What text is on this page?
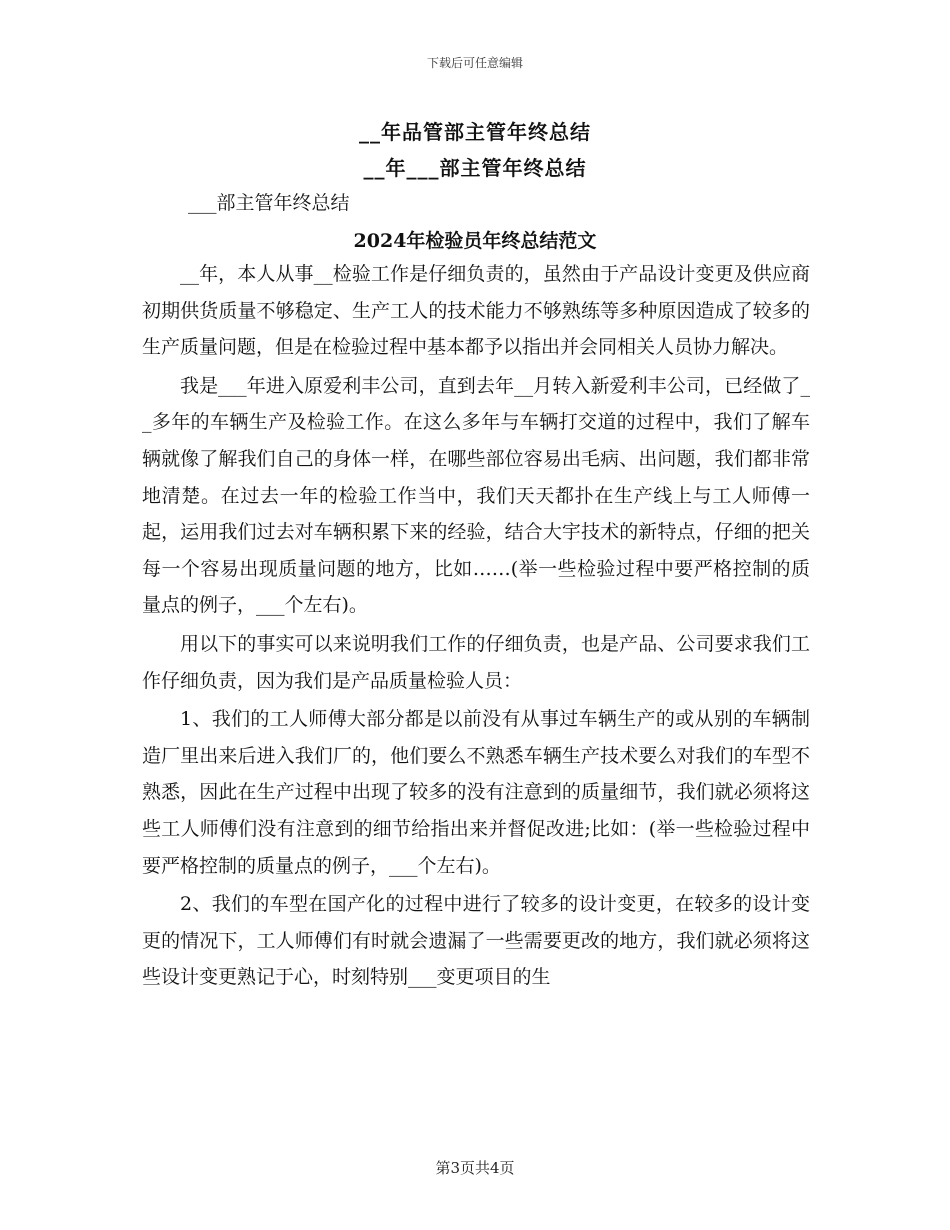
下载后可任意编辑
__年品管部主管年终总结
__年___部主管年终总结
___部主管年终总结
2024年检验员年终总结范文

__年，本人从事__检验工作是仔细负责的，虽然由于产品设计变更及供应商初期供货质量不够稳定、生产工人的技术能力不够熟练等多种原因造成了较多的生产质量问题，但是在检验过程中基本都予以指出并会同相关人员协力解决。

我是___年进入原爱利丰公司，直到去年__月转入新爱利丰公司，已经做了__多年的车辆生产及检验工作。在这么多年与车辆打交道的过程中，我们了解车辆就像了解我们自己的身体一样，在哪些部位容易出毛病、出问题，我们都非常地清楚。在过去一年的检验工作当中，我们天天都扑在生产线上与工人师傅一起，运用我们过去对车辆积累下来的经验，结合大宇技术的新特点，仔细的把关每一个容易出现质量问题的地方，比如……(举一些检验过程中要严格控制的质量点的例子，___个左右)。

用以下的事实可以来说明我们工作的仔细负责，也是产品、公司要求我们工作仔细负责，因为我们是产品质量检验人员：

1、我们的工人师傅大部分都是以前没有从事过车辆生产的或从别的车辆制造厂里出来后进入我们厂的，他们要么不熟悉车辆生产技术要么对我们的车型不熟悉，因此在生产过程中出现了较多的没有注意到的质量细节，我们就必须将这些工人师傅们没有注意到的细节给指出来并督促改进;比如：(举一些检验过程中要严格控制的质量点的例子，___个左右)。

2、我们的车型在国产化的过程中进行了较多的设计变更，在较多的设计变更的情况下，工人师傅们有时就会遗漏了一些需要更改的地方，我们就必须将这些设计变更熟记于心，时刻特别___变更项目的生

第3页共4页
